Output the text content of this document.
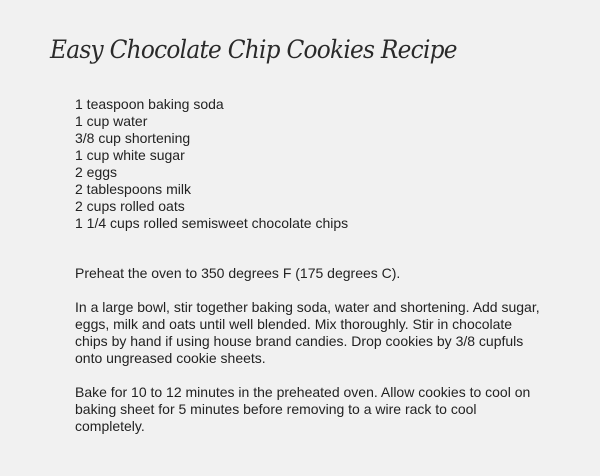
Easy Chocolate Chip Cookies Recipe
1 teaspoon baking soda
1 cup water
3/8 cup shortening
1 cup white sugar
2 eggs
2 tablespoons milk
2 cups rolled oats
1 1/4 cups rolled semisweet chocolate chips

Preheat the oven to 350 degrees F (175 degrees C).

In a large bowl, stir together baking soda, water and shortening. Add sugar, eggs, milk and oats until well blended. Mix thoroughly. Stir in chocolate chips by hand if using house brand candies. Drop cookies by 3/8 cupfuls onto ungreased cookie sheets.

Bake for 10 to 12 minutes in the preheated oven. Allow cookies to cool on baking sheet for 5 minutes before removing to a wire rack to cool completely.
